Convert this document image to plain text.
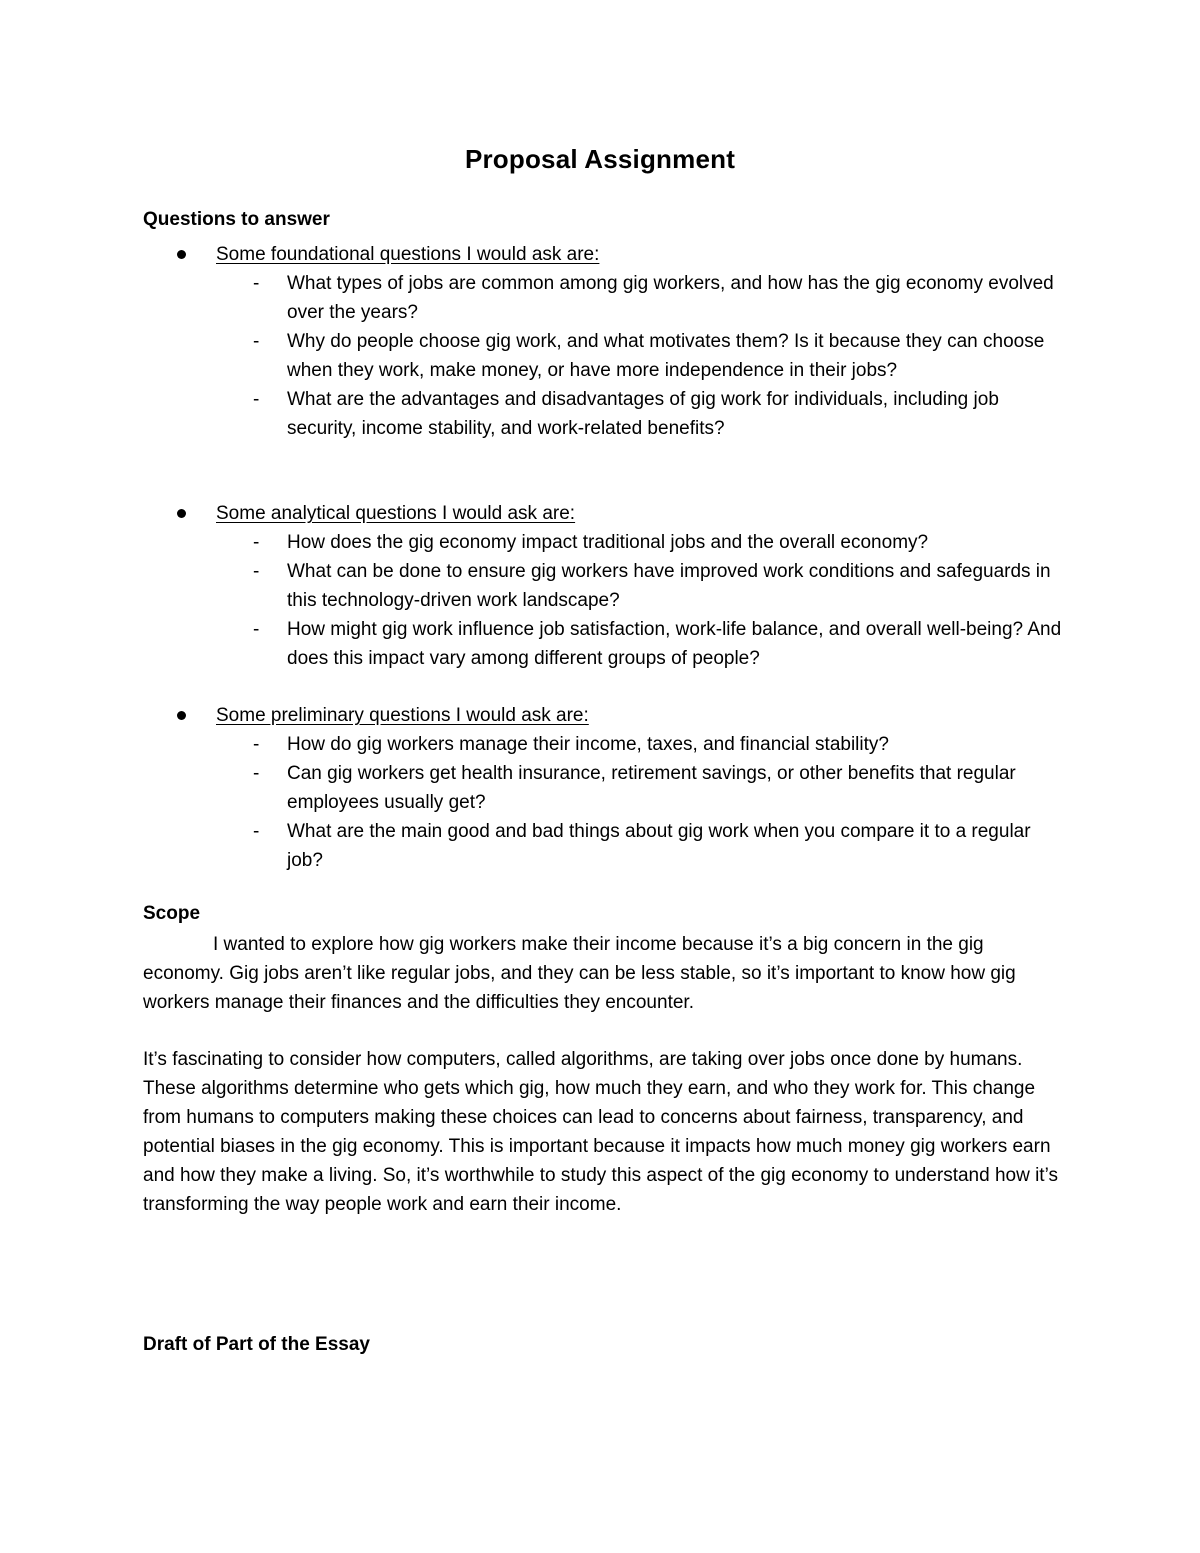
Proposal Assignment
Questions to answer
Some foundational questions I would ask are:
- What types of jobs are common among gig workers, and how has the gig economy evolved over the years?
- Why do people choose gig work, and what motivates them? Is it because they can choose when they work, make money, or have more independence in their jobs?
- What are the advantages and disadvantages of gig work for individuals, including job security, income stability, and work-related benefits?
Some analytical questions I would ask are:
- How does the gig economy impact traditional jobs and the overall economy?
- What can be done to ensure gig workers have improved work conditions and safeguards in this technology-driven work landscape?
- How might gig work influence job satisfaction, work-life balance, and overall well-being? And does this impact vary among different groups of people?
Some preliminary questions I would ask are:
- How do gig workers manage their income, taxes, and financial stability?
- Can gig workers get health insurance, retirement savings, or other benefits that regular employees usually get?
- What are the main good and bad things about gig work when you compare it to a regular job?
Scope
I wanted to explore how gig workers make their income because it’s a big concern in the gig economy. Gig jobs aren’t like regular jobs, and they can be less stable, so it’s important to know how gig workers manage their finances and the difficulties they encounter.
It’s fascinating to consider how computers, called algorithms, are taking over jobs once done by humans. These algorithms determine who gets which gig, how much they earn, and who they work for. This change from humans to computers making these choices can lead to concerns about fairness, transparency, and potential biases in the gig economy. This is important because it impacts how much money gig workers earn and how they make a living. So, it’s worthwhile to study this aspect of the gig economy to understand how it’s transforming the way people work and earn their income.
Draft of Part of the Essay
